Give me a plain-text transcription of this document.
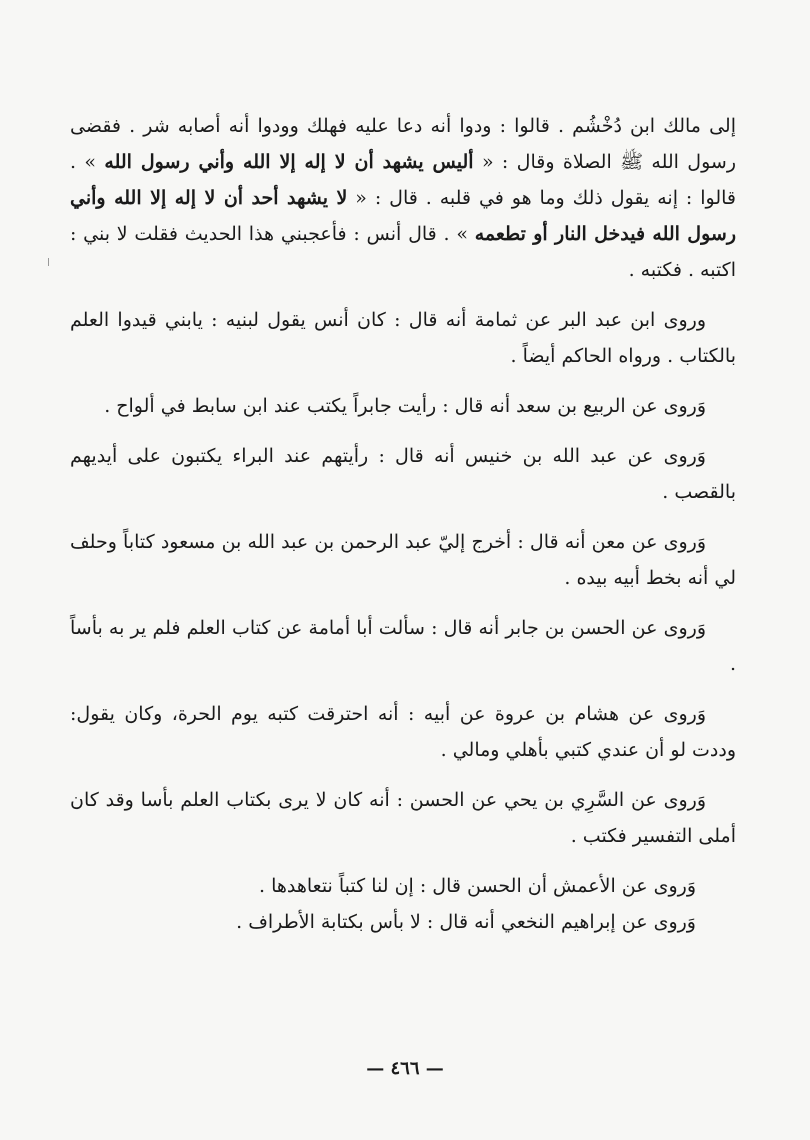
إلى مالك ابن دُخْشُم . قالوا : ودوا أنه دعا عليه فهلك وودوا أنه أصابه شر . فقضى رسول الله ﷺ الصلاة وقال : « أليس يشهد أن لا إله إلا الله وأني رسول الله » . قالوا : إنه يقول ذلك وما هو في قلبه . قال : « لا يشهد أحد أن لا إله إلا الله وأني رسول الله فيدخل النار أو تطعمه » . قال أنس : فأعجبني هذا الحديث فقلت لا بني : اكتبه . فكتبه .

وروى ابن عبد البر عن ثمامة أنه قال : كان أنس يقول لبنيه : يابني قيدوا العلم بالكتاب . ورواه الحاكم أيضاً .

وَروى عن الربيع بن سعد أنه قال : رأيت جابراً يكتب عند ابن سابط في ألواح .

وَروى عن عبد الله بن خنيس أنه قال : رأيتهم عند البراء يكتبون على أيديهم بالقصب .

وَروى عن معن أنه قال : أخرج إليّ عبد الرحمن بن عبد الله بن مسعود كتاباً وحلف لي أنه بخط أبيه بيده .

وَروى عن الحسن بن جابر أنه قال : سألت أبا أمامة عن كتاب العلم فلم ير به بأساً .

وَروى عن هشام بن عروة عن أبيه : أنه احترقت كتبه يوم الحرة، وكان يقول: وددت لو أن عندي كتبي بأهلي ومالي .

وَروى عن السَّرِي بن يحي عن الحسن : أنه كان لا يرى بكتاب العلم بأسا وقد كان أملى التفسير فكتب .

وَروى عن الأعمش أن الحسن قال : إن لنا كتباً نتعاهدها .
وَروى عن إبراهيم النخعي أنه قال : لا بأس بكتابة الأطراف .
— ٤٦٦ —
